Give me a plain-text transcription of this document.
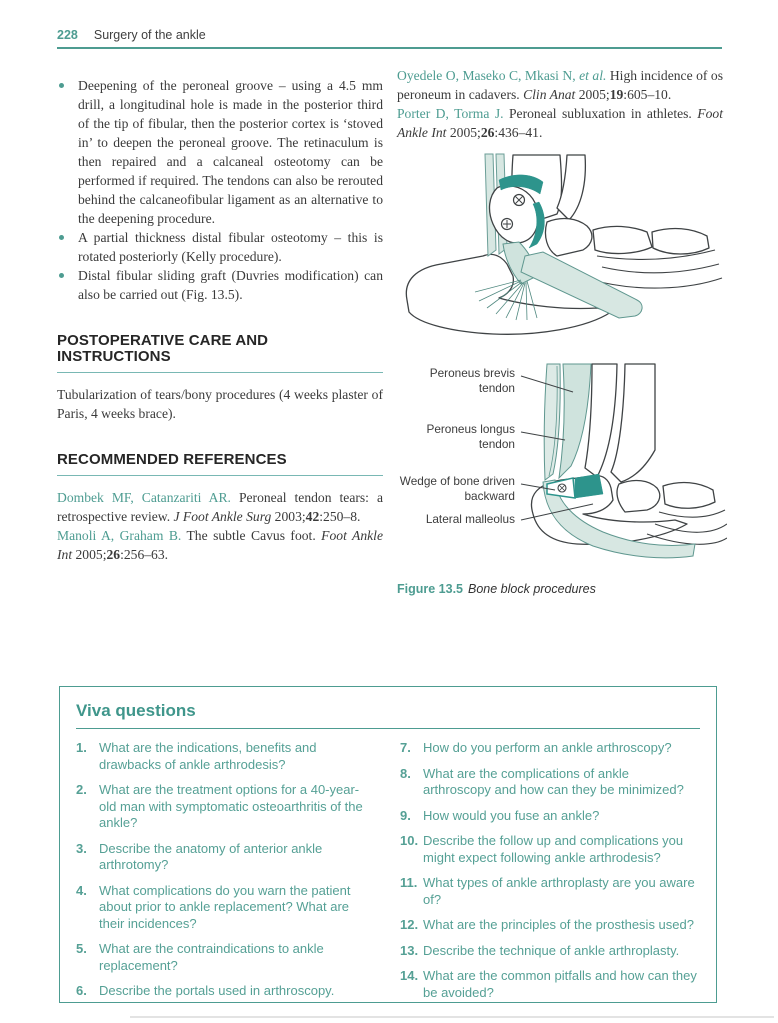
228 Surgery of the ankle
Deepening of the peroneal groove – using a 4.5 mm drill, a longitudinal hole is made in the posterior third of the tip of fibular, then the posterior cortex is ‘stoved in’ to deepen the peroneal groove. The retinaculum is then repaired and a calcaneal osteotomy can be performed if required. The tendons can also be rerouted behind the calcaneofibular ligament as an alternative to the deepening procedure.
A partial thickness distal fibular osteotomy – this is rotated posteriorly (Kelly procedure).
Distal fibular sliding graft (Duvries modification) can also be carried out (Fig. 13.5).
POSTOPERATIVE CARE AND INSTRUCTIONS

Tubularization of tears/bony procedures (4 weeks plaster of Paris, 4 weeks brace).

RECOMMENDED REFERENCES
Dombek MF, Catanzariti AR. Peroneal tendon tears: a retrospective review. J Foot Ankle Surg 2003;42:250–8.
Manoli A, Graham B. The subtle Cavus foot. Foot Ankle Int 2005;26:256–63.
Oyedele O, Maseko C, Mkasi N, et al. High incidence of os peroneum in cadavers. Clin Anat 2005;19:605–10.
Porter D, Torma J. Peroneal subluxation in athletes. Foot Ankle Int 2005;26:436–41.
Peroneus brevis tendon
Peroneus longus tendon
Wedge of bone driven backward
Lateral malleolus
Figure 13.5 Bone block procedures
Viva questions
1. What are the indications, benefits and drawbacks of ankle arthrodesis?
2. What are the treatment options for a 40-year-old man with symptomatic osteoarthritis of the ankle?
3. Describe the anatomy of anterior ankle arthrotomy?
4. What complications do you warn the patient about prior to ankle replacement? What are their incidences?
5. What are the contraindications to ankle replacement?
6. Describe the portals used in arthroscopy.
7. How do you perform an ankle arthroscopy?
8. What are the complications of ankle arthroscopy and how can they be minimized?
9. How would you fuse an ankle?
10. Describe the follow up and complications you might expect following ankle arthrodesis?
11. What types of ankle arthroplasty are you aware of?
12. What are the principles of the prosthesis used?
13. Describe the technique of ankle arthroplasty.
14. What are the common pitfalls and how can they be avoided?
